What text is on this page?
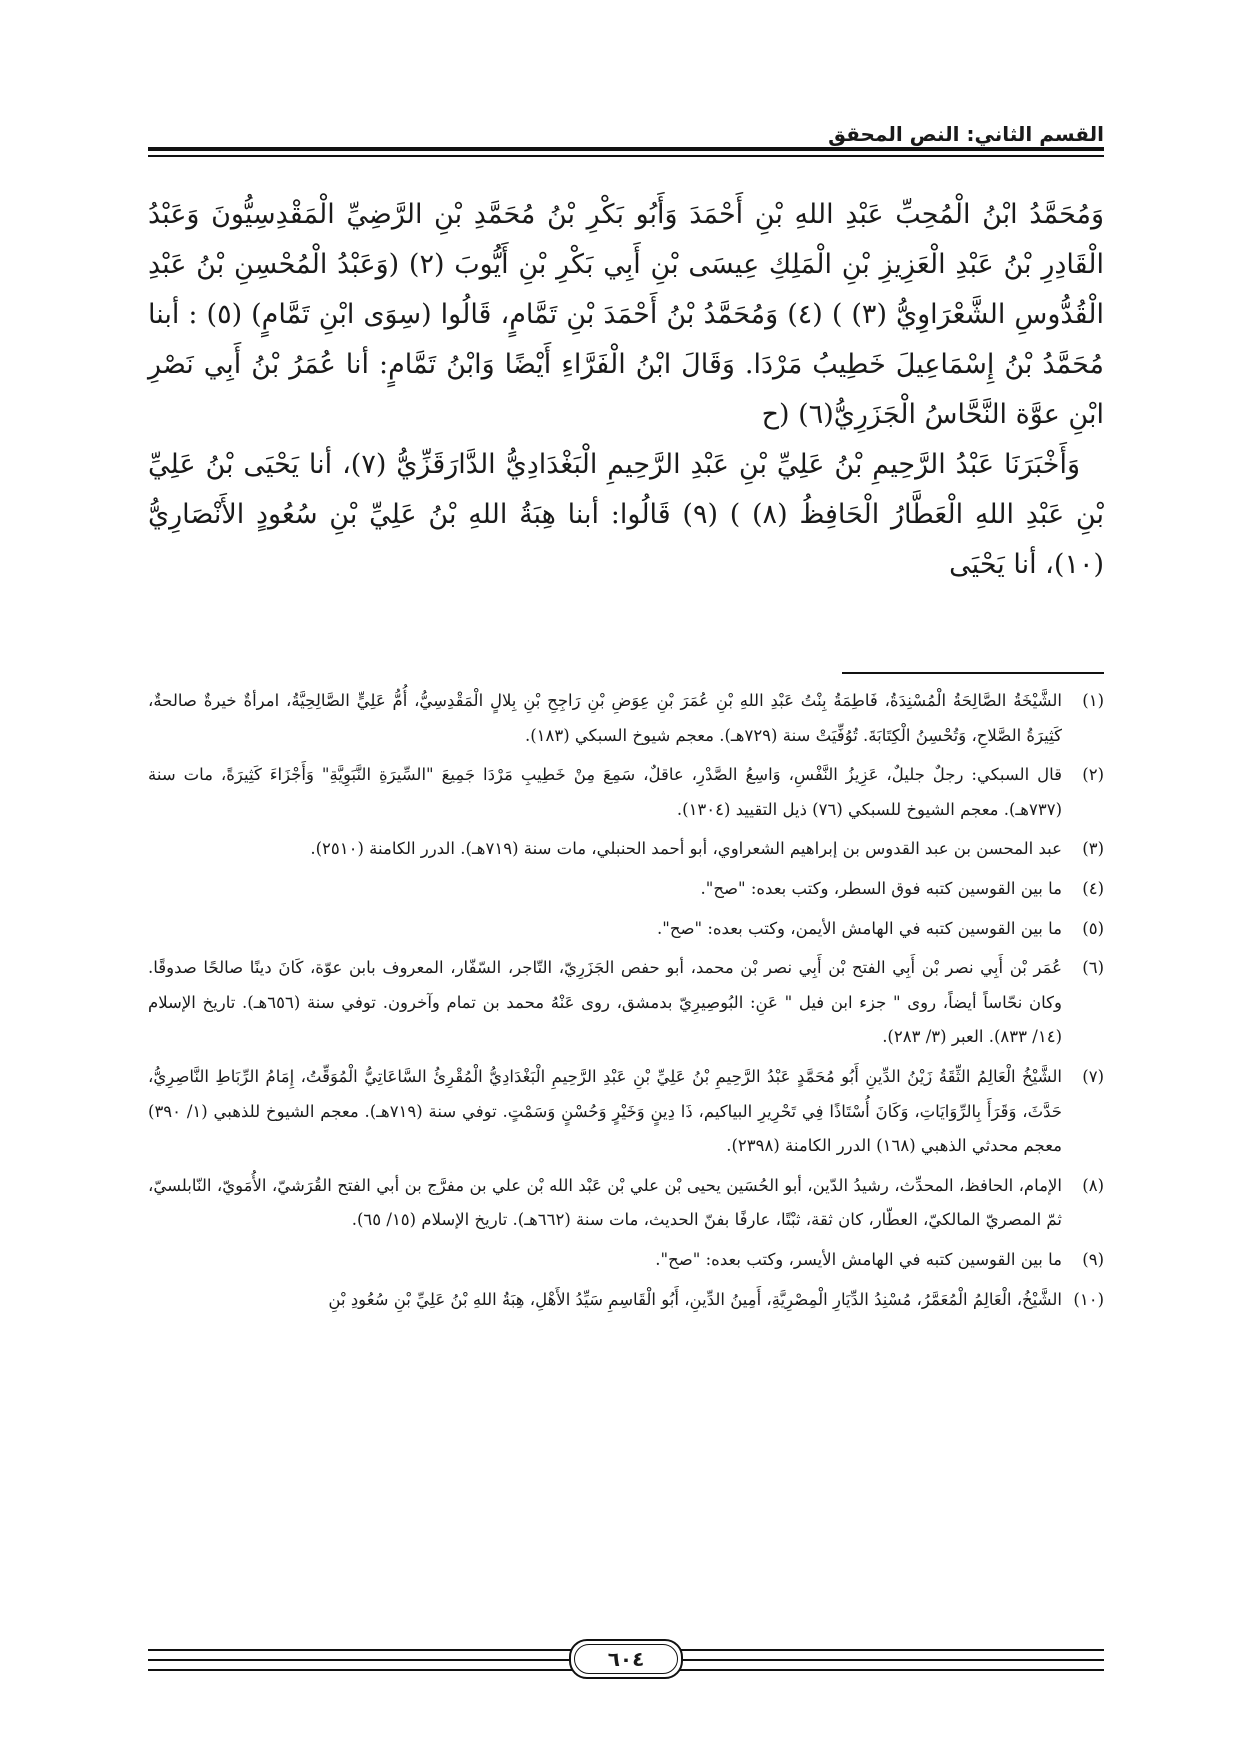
القسم الثاني: النص المحقق

وَمُحَمَّدُ ابْنُ الْمُحِبِّ عَبْدِ اللهِ بْنِ أَحْمَدَ وَأَبُو بَكْرِ بْنُ مُحَمَّدِ بْنِ الرَّضِيِّ الْمَقْدِسِيُّونَ وَعَبْدُ الْقَادِرِ بْنُ عَبْدِ الْعَزِيزِ بْنِ الْمَلِكِ عِيسَى بْنِ أَبِي بَكْرِ بْنِ أَيُّوبَ (٢) (وَعَبْدُ الْمُحْسِنِ بْنُ عَبْدِ الْقُدُّوسِ الشَّعْرَاوِيُّ (٣) ) (٤) وَمُحَمَّدُ بْنُ أَحْمَدَ بْنِ تَمَّامٍ، قَالُوا (سِوَى ابْنِ تَمَّامٍ) (٥) : أبنا مُحَمَّدُ بْنُ إِسْمَاعِيلَ خَطِيبُ مَرْدَا. وَقَالَ ابْنُ الْفَرَّاءِ أَيْضًا وَابْنُ تَمَّامٍ: أنا عُمَرُ بْنُ أَبِي نَصْرِ ابْنِ عوَّة النَّحَّاسُ الْجَزَرِيُّ(٦) (ح

وَأَخْبَرَنَا عَبْدُ الرَّحِيمِ بْنُ عَلِيِّ بْنِ عَبْدِ الرَّحِيمِ الْبَغْدَادِيُّ الدَّارَقَزِّيُّ (٧)، أنا يَحْيَى بْنُ عَلِيِّ بْنِ عَبْدِ اللهِ الْعَطَّارُ الْحَافِظُ (٨) ) (٩) قَالُوا: أبنا هِبَةُ اللهِ بْنُ عَلِيِّ بْنِ سُعُودٍ الأَنْصَارِيُّ (١٠)، أنا يَحْيَى

(١)الشَّيْخَةُ الصَّالِحَةُ الْمُسْنِدَةُ، فَاطِمَةُ بِنْتُ عَبْدِ اللهِ بْنِ عُمَرَ بْنِ عِوَضِ بْنِ رَاجِحِ بْنِ بِلالٍ الْمَقْدِسِيُّ، أُمُّ عَلِيٍّ الصَّالِحِيَّةُ، امرأةٌ خيرةٌ صالحةٌ، كَثِيرَةُ الصَّلاحِ، وَتُحْسِنُ الْكِتَابَةَ. تُوُفِّيَتْ سنة (٧٢٩هـ). معجم شيوخ السبكي (١٨٣).

(٢)قال السبكي: رجلٌ جليلٌ، عَزِيزُ النَّفْسِ، وَاسِعُ الصَّدْرِ، عاقلٌ، سَمِعَ مِنْ خَطِيبِ مَرْدَا جَمِيعَ "السِّيرَةِ النَّبَوِيَّةِ" وَأَجْزَاءَ كَثِيرَةً، مات سنة (٧٣٧هـ). معجم الشيوخ للسبكي (٧٦) ذيل التقييد (١٣٠٤).

(٣)عبد المحسن بن عبد القدوس بن إبراهيم الشعراوي، أبو أحمد الحنبلي، مات سنة (٧١٩هـ). الدرر الكامنة (٢٥١٠).

(٤)ما بين القوسين كتبه فوق السطر، وكتب بعده: "صح".

(٥)ما بين القوسين كتبه في الهامش الأيمن، وكتب بعده: "صح".

(٦)عُمَر بْن أَبِي نصر بْن أَبِي الفتح بْن أَبِي نصر بْن محمد، أبو حفص الجَزَرِيّ، التّاجر، السّفّار، المعروف بابن عوّة، كَانَ دينًا صالحًا صدوقًا. وكان نحّاساً أيضاً، روى " جزء ابن فيل " عَنِ: البُوصِيرِيّ بدمشق، روى عَنْهُ محمد بن تمام وآخرون. توفي سنة (٦٥٦هـ). تاريخ الإسلام (١٤/ ٨٣٣). العبر (٣/ ٢٨٣).

(٧)الشَّيْخُ الْعَالِمُ الثِّقَةُ زَيْنُ الدِّينِ أَبُو مُحَمَّدٍ عَبْدُ الرَّحِيمِ بْنُ عَلِيِّ بْنِ عَبْدِ الرَّحِيمِ الْبَغْدَادِيُّ الْمُقْرِئُ السَّاعَاتِيُّ الْمُوَقِّتُ، إِمَامُ الرِّبَاطِ النَّاصِرِيُّ، حَدَّثَ، وَقَرَأَ بِالرِّوَايَاتِ، وَكَانَ أُسْتَاذًا فِي تَحْرِيرِ البياكيم، ذَا دِينٍ وَخَيْرٍ وَحُسْنٍ وَسَمْتٍ. توفي سنة (٧١٩هـ). معجم الشيوخ للذهبي (١/ ٣٩٠) معجم محدثي الذهبي (١٦٨) الدرر الكامنة (٢٣٩٨).

(٨)الإمام، الحافظ، المحدِّث، رشيدُ الدّين، أبو الحُسَين يحيى بْن علي بْن عَبْد الله بْن علي بن مفرَّج بن أبي الفتح القُرَشيّ، الأُمَويّ، النّابلسيّ، ثمّ المصريّ المالكيّ، العطّار، كان ثقة، ثبْتًا، عارفًا بفنّ الحديث، مات سنة (٦٦٢هـ). تاريخ الإسلام (١٥/ ٦٥).

(٩)ما بين القوسين كتبه في الهامش الأيسر، وكتب بعده: "صح".

(١٠)الشَّيْخُ، الْعَالِمُ الْمُعَمَّرُ، مُسْنِدُ الدِّيَارِ الْمِصْرِيَّةِ، أَمِينُ الدِّينِ، أَبُو الْقَاسِمِ سَيِّدُ الأَهْلِ، هِبَةُ اللهِ بْنُ عَلِيِّ بْنِ سُعُودِ بْنِ

٦٠٤
